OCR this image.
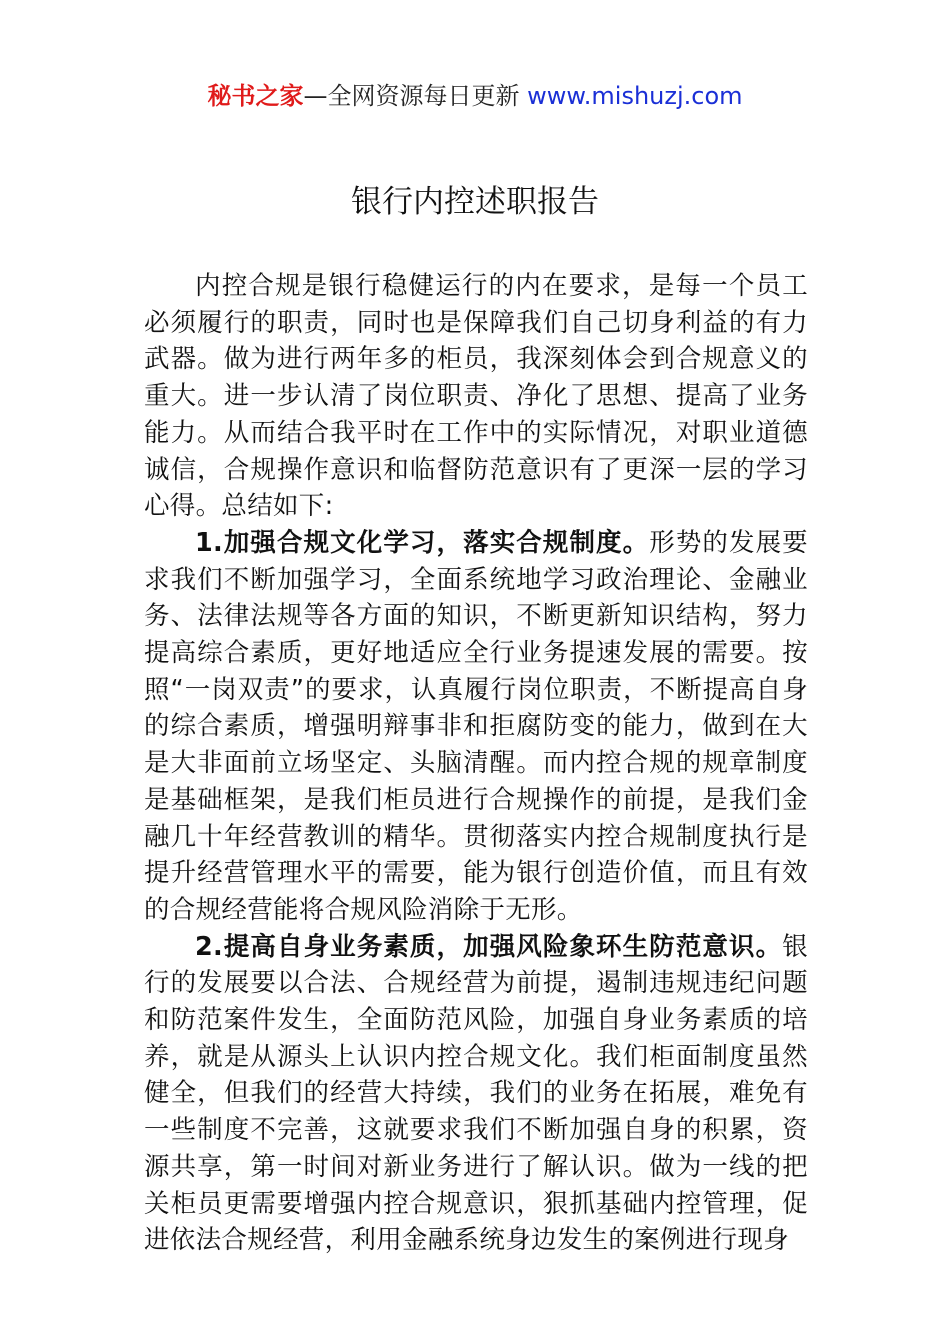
秘书之家—全网资源每日更新 www.mishuzj.com
银行内控述职报告

内控合规是银行稳健运行的内在要求，是每一个员工必须履行的职责，同时也是保障我们自己切身利益的有力武器。做为进行两年多的柜员，我深刻体会到合规意义的重大。进一步认清了岗位职责、净化了思想、提高了业务能力。从而结合我平时在工作中的实际情况，对职业道德诚信，合规操作意识和临督防范意识有了更深一层的学习心得。总结如下:

1.加强合规文化学习，落实合规制度。形势的发展要求我们不断加强学习，全面系统地学习政治理论、金融业务、法律法规等各方面的知识，不断更新知识结构，努力提高综合素质，更好地适应全行业务提速发展的需要。按照“一岗双责”的要求，认真履行岗位职责，不断提高自身的综合素质，增强明辩事非和拒腐防变的能力，做到在大是大非面前立场坚定、头脑清醒。而内控合规的规章制度是基础框架，是我们柜员进行合规操作的前提，是我们金融几十年经营教训的精华。贯彻落实内控合规制度执行是提升经营管理水平的需要，能为银行创造价值，而且有效的合规经营能将合规风险消除于无形。

2.提高自身业务素质，加强风险象环生防范意识。银行的发展要以合法、合规经营为前提，遏制违规违纪问题和防范案件发生，全面防范风险，加强自身业务素质的培养，就是从源头上认识内控合规文化。我们柜面制度虽然健全，但我们的经营大持续，我们的业务在拓展，难免有一些制度不完善，这就要求我们不断加强自身的积累，资源共享，第一时间对新业务进行了解认识。做为一线的把关柜员更需要增强内控合规意识，狠抓基础内控管理，促进依法合规经营，利用金融系统身边发生的案例进行现身
